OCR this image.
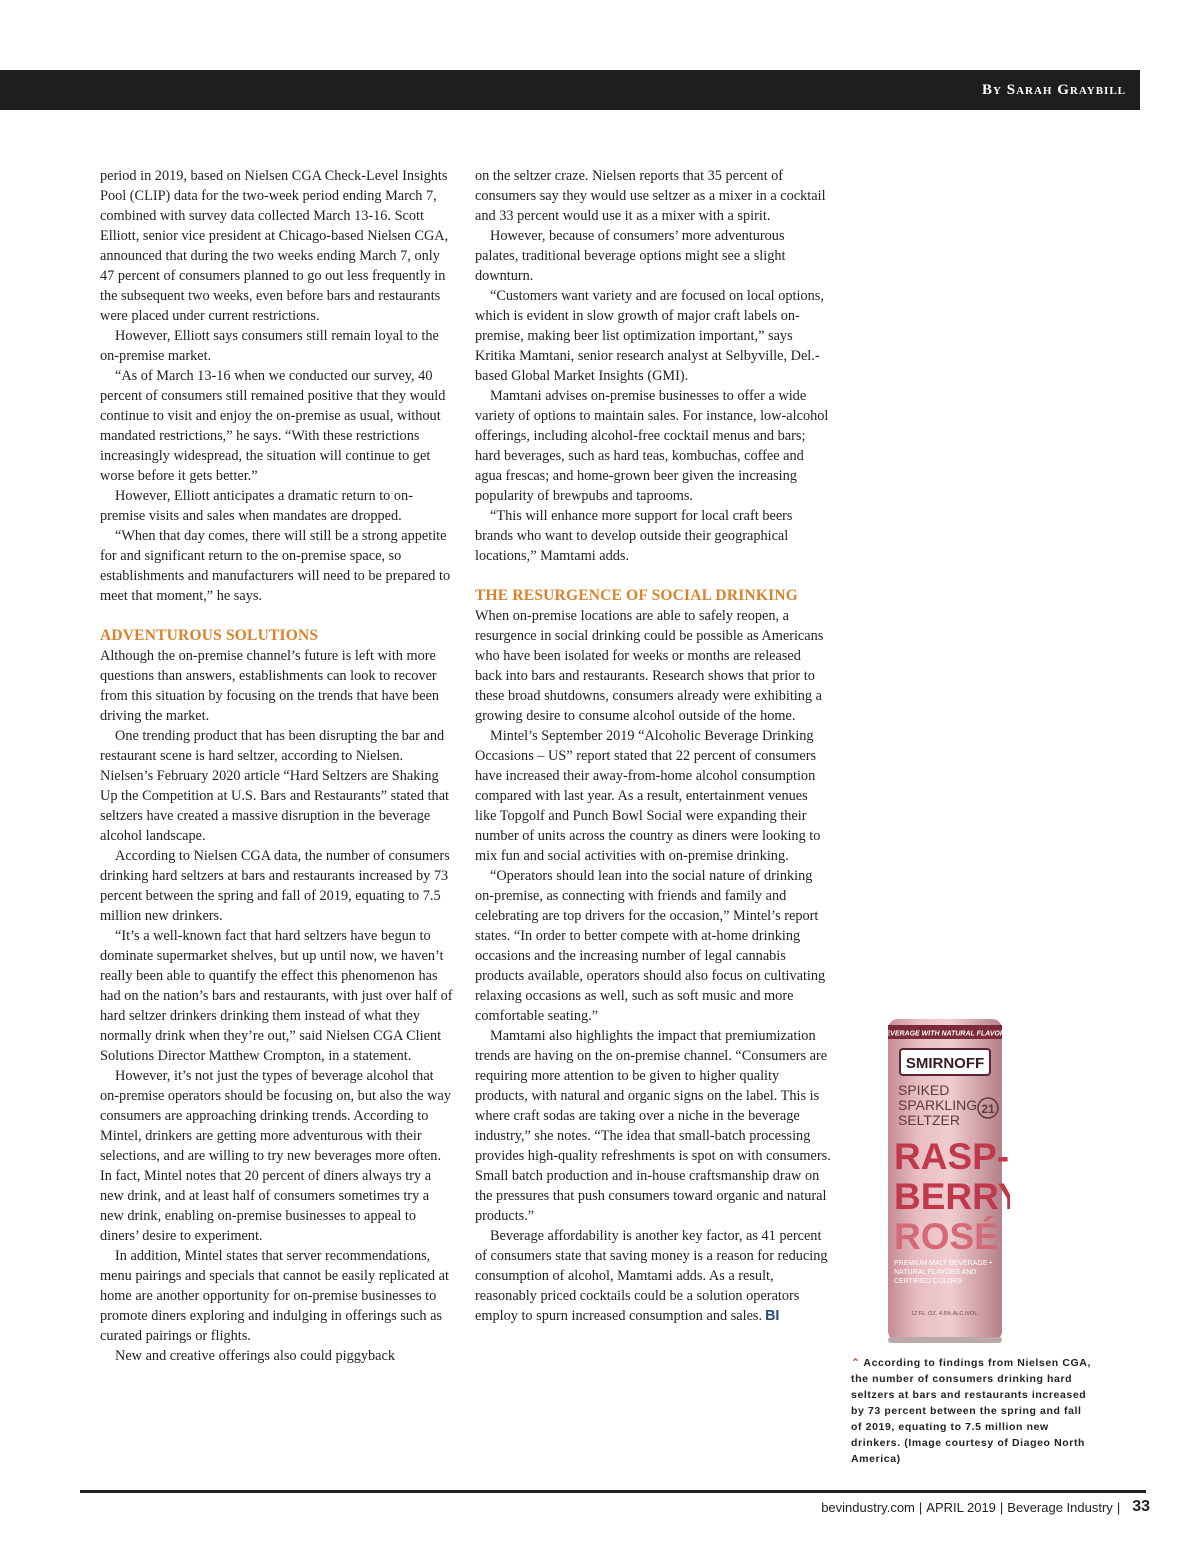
By Sarah Graybill

period in 2019, based on Nielsen CGA Check-Level Insights Pool (CLIP) data for the two-week period ending March 7, combined with survey data collected March 13-16. Scott Elliott, senior vice president at Chicago-based Nielsen CGA, announced that during the two weeks ending March 7, only 47 percent of consumers planned to go out less frequently in the subsequent two weeks, even before bars and restaurants were placed under current restrictions.

However, Elliott says consumers still remain loyal to the on-premise market.

“As of March 13-16 when we conducted our survey, 40 percent of consumers still remained positive that they would continue to visit and enjoy the on-premise as usual, without mandated restrictions,” he says. “With these restrictions increasingly widespread, the situation will continue to get worse before it gets better.”

However, Elliott anticipates a dramatic return to on-premise visits and sales when mandates are dropped.

“When that day comes, there will still be a strong appetite for and significant return to the on-premise space, so establishments and manufacturers will need to be prepared to meet that moment,” he says.

ADVENTUROUS SOLUTIONS

Although the on-premise channel’s future is left with more questions than answers, establishments can look to recover from this situation by focusing on the trends that have been driving the market.

One trending product that has been disrupting the bar and restaurant scene is hard seltzer, according to Nielsen. Nielsen’s February 2020 article “Hard Seltzers are Shaking Up the Competition at U.S. Bars and Restaurants” stated that seltzers have created a massive disruption in the beverage alcohol landscape.

According to Nielsen CGA data, the number of consumers drinking hard seltzers at bars and restaurants increased by 73 percent between the spring and fall of 2019, equating to 7.5 million new drinkers.

“It’s a well-known fact that hard seltzers have begun to dominate supermarket shelves, but up until now, we haven’t really been able to quantify the effect this phenomenon has had on the nation’s bars and restaurants, with just over half of hard seltzer drinkers drinking them instead of what they normally drink when they’re out,” said Nielsen CGA Client Solutions Director Matthew Crompton, in a statement.

However, it’s not just the types of beverage alcohol that on-premise operators should be focusing on, but also the way consumers are approaching drinking trends. According to Mintel, drinkers are getting more adventurous with their selections, and are willing to try new beverages more often. In fact, Mintel notes that 20 percent of diners always try a new drink, and at least half of consumers sometimes try a new drink, enabling on-premise businesses to appeal to diners’ desire to experiment.

In addition, Mintel states that server recommendations, menu pairings and specials that cannot be easily replicated at home are another opportunity for on-premise businesses to promote diners exploring and indulging in offerings such as curated pairings or flights.

New and creative offerings also could piggyback

on the seltzer craze. Nielsen reports that 35 percent of consumers say they would use seltzer as a mixer in a cocktail and 33 percent would use it as a mixer with a spirit.

However, because of consumers’ more adventurous palates, traditional beverage options might see a slight downturn.

“Customers want variety and are focused on local options, which is evident in slow growth of major craft labels on-premise, making beer list optimization important,” says Kritika Mamtani, senior research analyst at Selbyville, Del.-based Global Market Insights (GMI).

Mamtani advises on-premise businesses to offer a wide variety of options to maintain sales. For instance, low-alcohol offerings, including alcohol-free cocktail menus and bars; hard beverages, such as hard teas, kombuchas, coffee and agua frescas; and home-grown beer given the increasing popularity of brewpubs and taprooms.

“This will enhance more support for local craft beers brands who want to develop outside their geographical locations,” Mamtami adds.

THE RESURGENCE OF SOCIAL DRINKING

When on-premise locations are able to safely reopen, a resurgence in social drinking could be possible as Americans who have been isolated for weeks or months are released back into bars and restaurants. Research shows that prior to these broad shutdowns, consumers already were exhibiting a growing desire to consume alcohol outside of the home.

Mintel’s September 2019 “Alcoholic Beverage Drinking Occasions – US” report stated that 22 percent of consumers have increased their away-from-home alcohol consumption compared with last year. As a result, entertainment venues like Topgolf and Punch Bowl Social were expanding their number of units across the country as diners were looking to mix fun and social activities with on-premise drinking.

“Operators should lean into the social nature of drinking on-premise, as connecting with friends and family and celebrating are top drivers for the occasion,” Mintel’s report states. “In order to better compete with at-home drinking occasions and the increasing number of legal cannabis products available, operators should also focus on cultivating relaxing occasions as well, such as soft music and more comfortable seating.”

Mamtami also highlights the impact that premiumization trends are having on the on-premise channel. “Consumers are requiring more attention to be given to higher quality products, with natural and organic signs on the label. This is where craft sodas are taking over a niche in the beverage industry,” she notes. “The idea that small-batch processing provides high-quality refreshments is spot on with consumers. Small batch production and in-house craftsmanship draw on the pressures that push consumers toward organic and natural products.”

Beverage affordability is another key factor, as 41 percent of consumers state that saving money is a reason for reducing consumption of alcohol, Mamtami adds. As a result, reasonably priced cocktails could be a solution operators employ to spurn increased consumption and sales. BI

BEVERAGE WITH NATURAL FLAVORS
SMIRNOFF
SPIKED
SPARKLING
SELTZER
21
RASP-
BERRY
ROSÉ
PREMIUM MALT BEVERAGE •
NATURAL FLAVORS AND
CERTIFIED COLORS
12 FL. OZ. 4.5% ALC./VOL.
⌃ According to findings from Nielsen CGA, the number of consumers drinking hard seltzers at bars and restaurants increased by 73 percent between the spring and fall of 2019, equating to 7.5 million new drinkers. (Image courtesy of Diageo North America)
bevindustry.com | APRIL 2019 | Beverage Industry | 33
